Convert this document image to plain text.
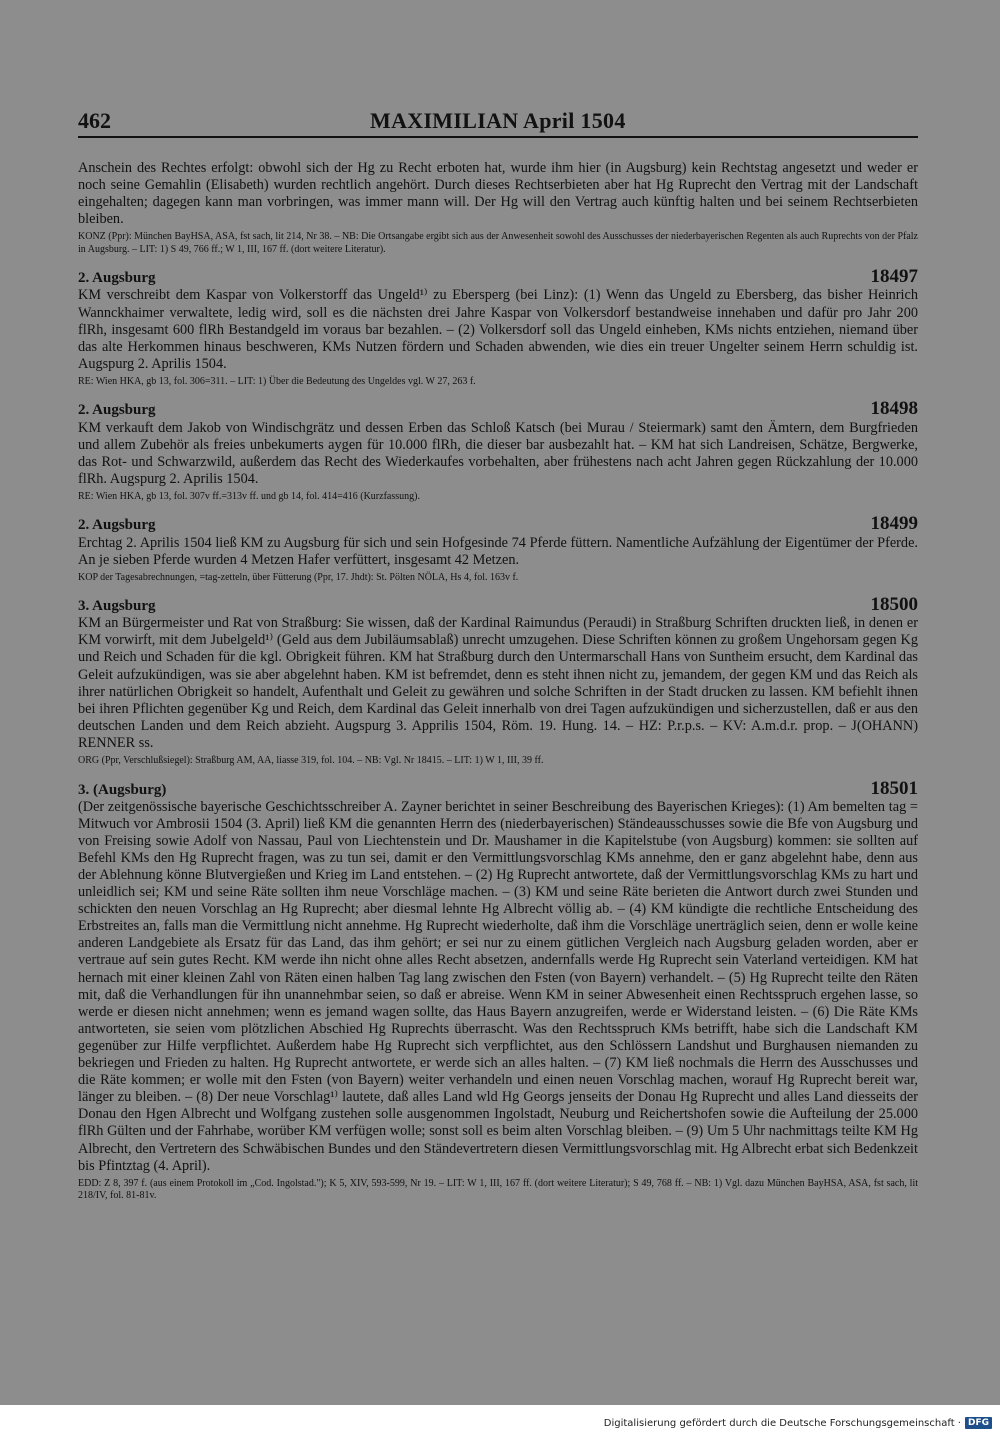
462	MAXIMILIAN April 1504

Anschein des Rechtes erfolgt: obwohl sich der Hg zu Recht erboten hat, wurde ihm hier (in Augsburg) kein Rechtstag angesetzt und weder er noch seine Gemahlin (Elisabeth) wurden rechtlich angehört. Durch dieses Rechtserbieten aber hat Hg Ruprecht den Vertrag mit der Landschaft eingehalten; dagegen kann man vorbringen, was immer mann will. Der Hg will den Vertrag auch künftig halten und bei seinem Rechtserbieten bleiben.

KONZ (Ppr): München BayHSA, ASA, fst sach, lit 214, Nr 38. – NB: Die Ortsangabe ergibt sich aus der Anwesenheit sowohl des Ausschusses der niederbayerischen Regenten als auch Ruprechts von der Pfalz in Augsburg. – LIT: 1) S 49, 766 ff.; W 1, III, 167 ff. (dort weitere Literatur).

2. Augsburg	18497

KM verschreibt dem Kaspar von Volkerstorff das Ungeld¹⁾ zu Ebersperg (bei Linz): (1) Wenn das Ungeld zu Ebersberg, das bisher Heinrich Wannckhaimer verwaltete, ledig wird, soll es die nächsten drei Jahre Kaspar von Volkersdorf bestandweise innehaben und dafür pro Jahr 200 flRh, insgesamt 600 flRh Bestandgeld im voraus bar bezahlen. – (2) Volkersdorf soll das Ungeld einheben, KMs nichts entziehen, niemand über das alte Herkommen hinaus beschweren, KMs Nutzen fördern und Schaden abwenden, wie dies ein treuer Ungelter seinem Herrn schuldig ist. Augspurg 2. Aprilis 1504.

RE: Wien HKA, gb 13, fol. 306=311. – LIT: 1) Über die Bedeutung des Ungeldes vgl. W 27, 263 f.

2. Augsburg	18498

KM verkauft dem Jakob von Windischgrätz und dessen Erben das Schloß Katsch (bei Murau / Steiermark) samt den Ämtern, dem Burgfrieden und allem Zubehör als freies unbekumerts aygen für 10.000 flRh, die dieser bar ausbezahlt hat. – KM hat sich Landreisen, Schätze, Bergwerke, das Rot- und Schwarzwild, außerdem das Recht des Wiederkaufes vorbehalten, aber frühestens nach acht Jahren gegen Rückzahlung der 10.000 flRh. Augspurg 2. Aprilis 1504.

RE: Wien HKA, gb 13, fol. 307v ff.=313v ff. und gb 14, fol. 414=416 (Kurzfassung).

2. Augsburg	18499

Erchtag 2. Aprilis 1504 ließ KM zu Augsburg für sich und sein Hofgesinde 74 Pferde füttern. Namentliche Aufzählung der Eigentümer der Pferde. An je sieben Pferde wurden 4 Metzen Hafer verfüttert, insgesamt 42 Metzen.

KOP der Tagesabrechnungen, =tag-zetteln, über Fütterung (Ppr, 17. Jhdt): St. Pölten NÖLA, Hs 4, fol. 163v f.

3. Augsburg	18500

KM an Bürgermeister und Rat von Straßburg: Sie wissen, daß der Kardinal Raimundus (Peraudi) in Straßburg Schriften druckten ließ, in denen er KM vorwirft, mit dem Jubelgeld¹⁾ (Geld aus dem Jubiläumsablaß) unrecht umzugehen. Diese Schriften können zu großem Ungehorsam gegen Kg und Reich und Schaden für die kgl. Obrigkeit führen. KM hat Straßburg durch den Untermarschall Hans von Suntheim ersucht, dem Kardinal das Geleit aufzukündigen, was sie aber abgelehnt haben. KM ist befremdet, denn es steht ihnen nicht zu, jemandem, der gegen KM und das Reich als ihrer natürlichen Obrigkeit so handelt, Aufenthalt und Geleit zu gewähren und solche Schriften in der Stadt drucken zu lassen. KM befiehlt ihnen bei ihren Pflichten gegenüber Kg und Reich, dem Kardinal das Geleit innerhalb von drei Tagen aufzukündigen und sicherzustellen, daß er aus den deutschen Landen und dem Reich abzieht. Augspurg 3. Apprilis 1504, Röm. 19. Hung. 14. – HZ: P.r.p.s. – KV: A.m.d.r. prop. – J(OHANN) RENNER ss.

ORG (Ppr, Verschlußsiegel): Straßburg AM, AA, liasse 319, fol. 104. – NB: Vgl. Nr 18415. – LIT: 1) W 1, III, 39 ff.

3. (Augsburg)	18501

(Der zeitgenössische bayerische Geschichtsschreiber A. Zayner berichtet in seiner Beschreibung des Bayerischen Krieges): (1) Am bemelten tag = Mitwuch vor Ambrosii 1504 (3. April) ließ KM die genannten Herrn des (niederbayerischen) Ständeausschusses sowie die Bfe von Augsburg und von Freising sowie Adolf von Nassau, Paul von Liechtenstein und Dr. Maushamer in die Kapitelstube (von Augsburg) kommen: sie sollten auf Befehl KMs den Hg Ruprecht fragen, was zu tun sei, damit er den Vermittlungsvorschlag KMs annehme, den er ganz abgelehnt habe, denn aus der Ablehnung könne Blutvergießen und Krieg im Land entstehen. – (2) Hg Ruprecht antwortete, daß der Vermittlungsvorschlag KMs zu hart und unleidlich sei; KM und seine Räte sollten ihm neue Vorschläge machen. – (3) KM und seine Räte berieten die Antwort durch zwei Stunden und schickten den neuen Vorschlag an Hg Ruprecht; aber diesmal lehnte Hg Albrecht völlig ab. – (4) KM kündigte die rechtliche Entscheidung des Erbstreites an, falls man die Vermittlung nicht annehme. Hg Ruprecht wiederholte, daß ihm die Vorschläge unerträglich seien, denn er wolle keine anderen Landgebiete als Ersatz für das Land, das ihm gehört; er sei nur zu einem gütlichen Vergleich nach Augsburg geladen worden, aber er vertraue auf sein gutes Recht. KM werde ihn nicht ohne alles Recht absetzen, andernfalls werde Hg Ruprecht sein Vaterland verteidigen. KM hat hernach mit einer kleinen Zahl von Räten einen halben Tag lang zwischen den Fsten (von Bayern) verhandelt. – (5) Hg Ruprecht teilte den Räten mit, daß die Verhandlungen für ihn unannehmbar seien, so daß er abreise. Wenn KM in seiner Abwesenheit einen Rechtsspruch ergehen lasse, so werde er diesen nicht annehmen; wenn es jemand wagen sollte, das Haus Bayern anzugreifen, werde er Widerstand leisten. – (6) Die Räte KMs antworteten, sie seien vom plötzlichen Abschied Hg Ruprechts überrascht. Was den Rechtsspruch KMs betrifft, habe sich die Landschaft KM gegenüber zur Hilfe verpflichtet. Außerdem habe Hg Ruprecht sich verpflichtet, aus den Schlössern Landshut und Burghausen niemanden zu bekriegen und Frieden zu halten. Hg Ruprecht antwortete, er werde sich an alles halten. – (7) KM ließ nochmals die Herrn des Ausschusses und die Räte kommen; er wolle mit den Fsten (von Bayern) weiter verhandeln und einen neuen Vorschlag machen, worauf Hg Ruprecht bereit war, länger zu bleiben. – (8) Der neue Vorschlag¹⁾ lautete, daß alles Land wld Hg Georgs jenseits der Donau Hg Ruprecht und alles Land diesseits der Donau den Hgen Albrecht und Wolfgang zustehen solle ausgenommen Ingolstadt, Neuburg und Reichertshofen sowie die Aufteilung der 25.000 flRh Gülten und der Fahrhabe, worüber KM verfügen wolle; sonst soll es beim alten Vorschlag bleiben. – (9) Um 5 Uhr nachmittags teilte KM Hg Albrecht, den Vertretern des Schwäbischen Bundes und den Ständevertretern diesen Vermittlungsvorschlag mit. Hg Albrecht erbat sich Bedenkzeit bis Pfintztag (4. April).

EDD: Z 8, 397 f. (aus einem Protokoll im „Cod. Ingolstad."); K 5, XIV, 593-599, Nr 19. – LIT: W 1, III, 167 ff. (dort weitere Literatur); S 49, 768 ff. – NB: 1) Vgl. dazu München BayHSA, ASA, fst sach, lit 218/IV, fol. 81-81v.

Digitalisierung gefördert durch die Deutsche Forschungsgemeinschaft · DFG
